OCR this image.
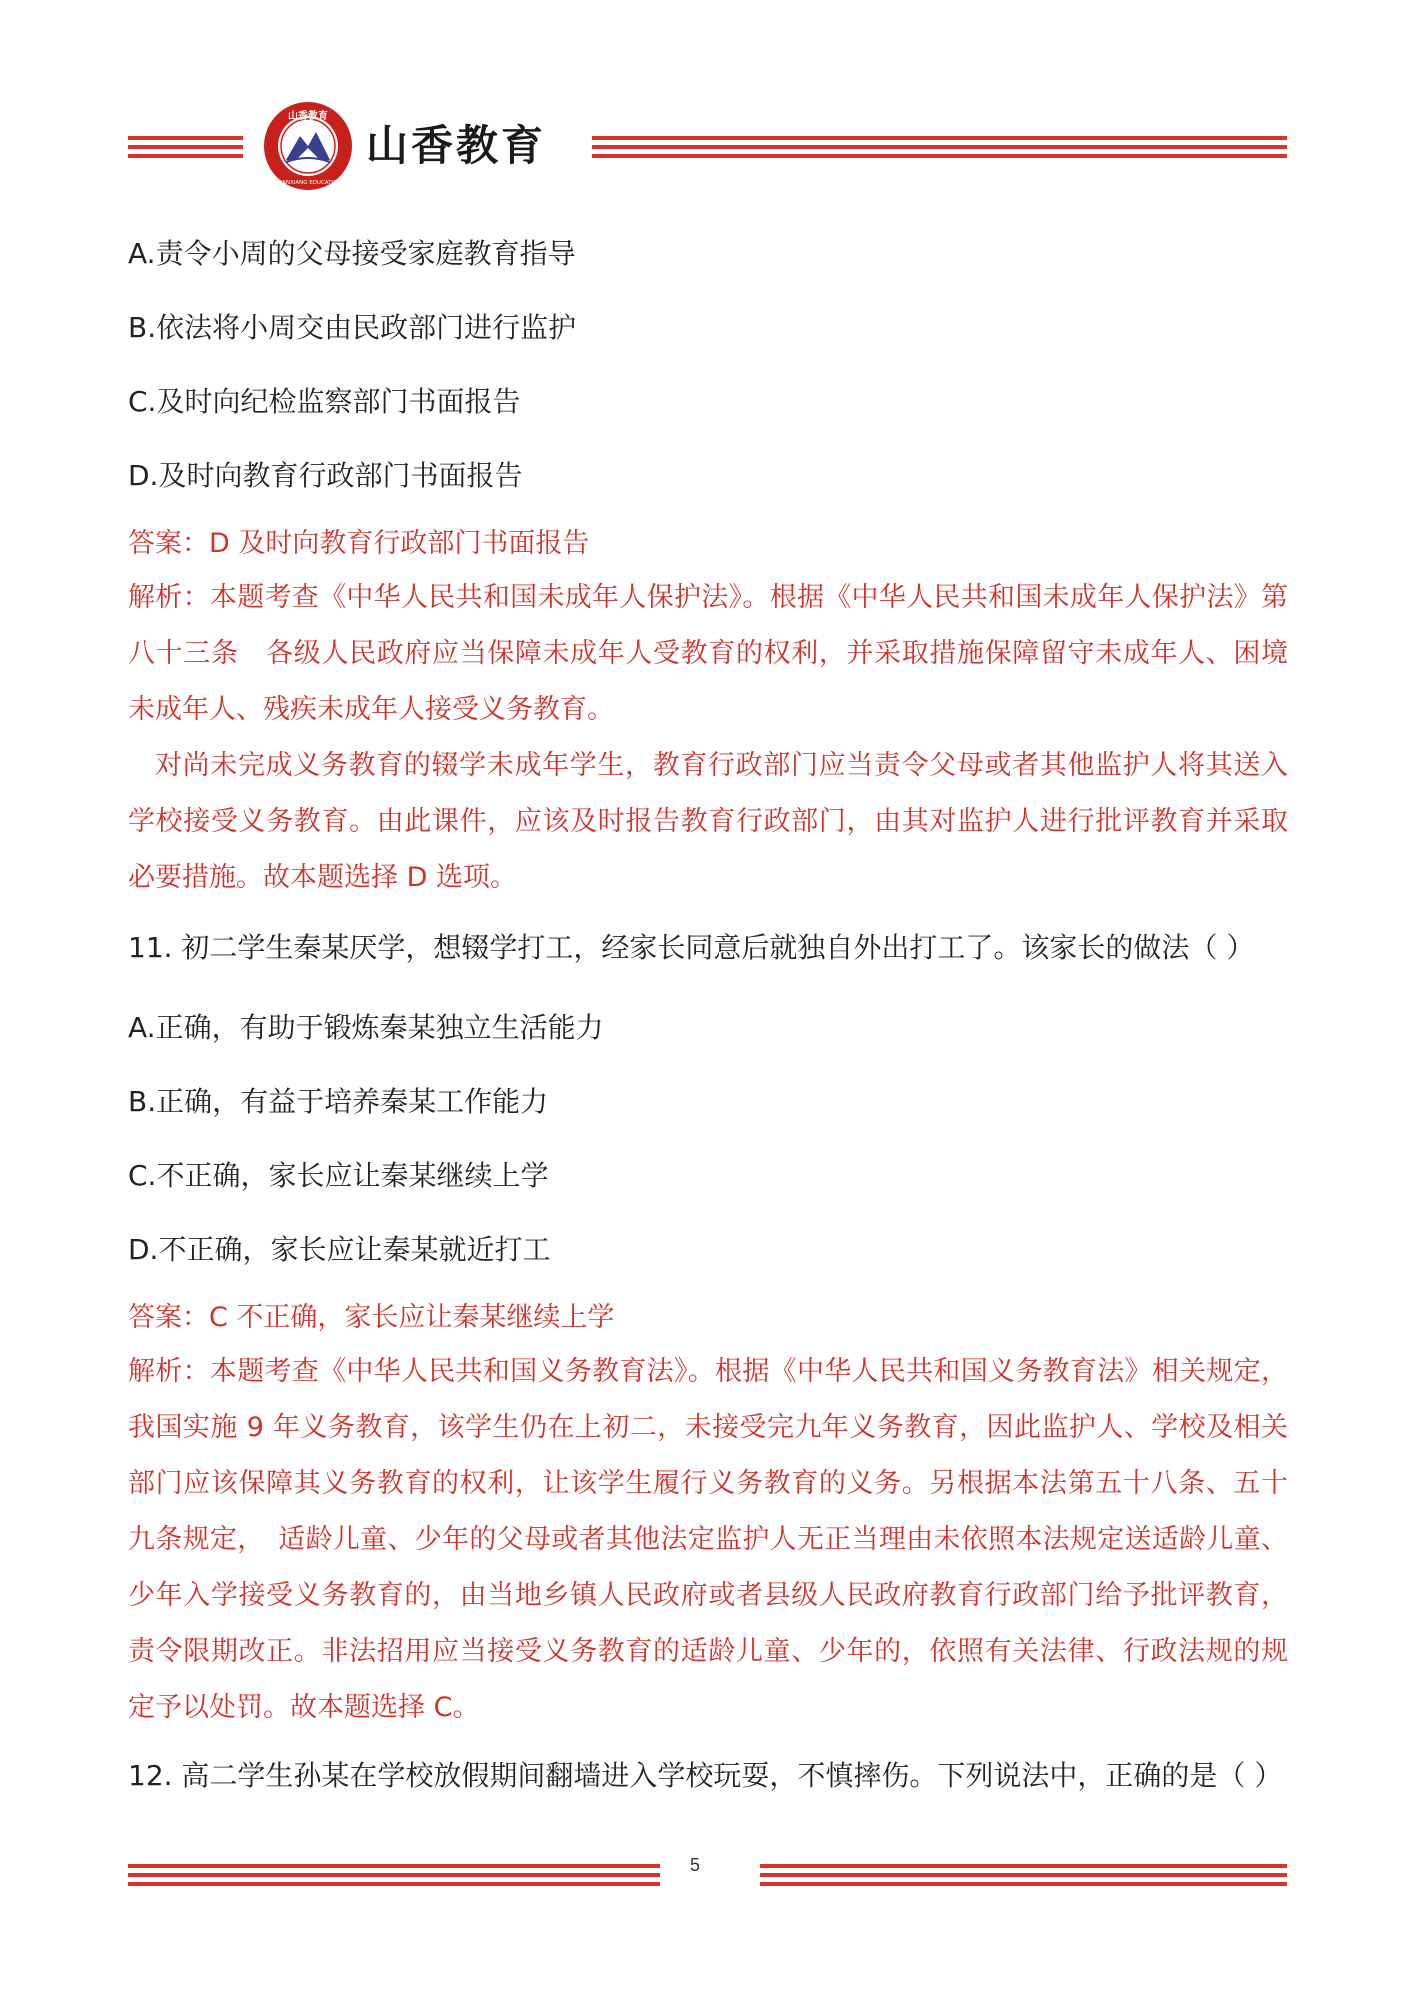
山香教育
SHANXIANG EDUCATION
山香教育
A.责令小周的父母接受家庭教育指导
B.依法将小周交由民政部门进行监护
C.及时向纪检监察部门书面报告
D.及时向教育行政部门书面报告
答案：D 及时向教育行政部门书面报告

解析：本题考查《中华人民共和国未成年人保护法》。根据《中华人民共和国未成年人保护法》第八十三条　各级人民政府应当保障未成年人受教育的权利，并采取措施保障留守未成年人、困境未成年人、残疾未成年人接受义务教育。

对尚未完成义务教育的辍学未成年学生，教育行政部门应当责令父母或者其他监护人将其送入学校接受义务教育。由此课件，应该及时报告教育行政部门，由其对监护人进行批评教育并采取必要措施。故本题选择 D 选项。

11. 初二学生秦某厌学，想辍学打工，经家长同意后就独自外出打工了。该家长的做法（ ）
A.正确，有助于锻炼秦某独立生活能力
B.正确，有益于培养秦某工作能力
C.不正确，家长应让秦某继续上学
D.不正确，家长应让秦某就近打工
答案：C 不正确，家长应让秦某继续上学

解析：本题考查《中华人民共和国义务教育法》。根据《中华人民共和国义务教育法》相关规定，我国实施 9 年义务教育，该学生仍在上初二，未接受完九年义务教育，因此监护人、学校及相关部门应该保障其义务教育的权利，让该学生履行义务教育的义务。另根据本法第五十八条、五十九条规定，　适龄儿童、少年的父母或者其他法定监护人无正当理由未依照本法规定送适龄儿童、少年入学接受义务教育的，由当地乡镇人民政府或者县级人民政府教育行政部门给予批评教育，责令限期改正。非法招用应当接受义务教育的适龄儿童、少年的，依照有关法律、行政法规的规定予以处罚。故本题选择 C。

12. 高二学生孙某在学校放假期间翻墙进入学校玩耍，不慎摔伤。下列说法中，正确的是（ ）
5
